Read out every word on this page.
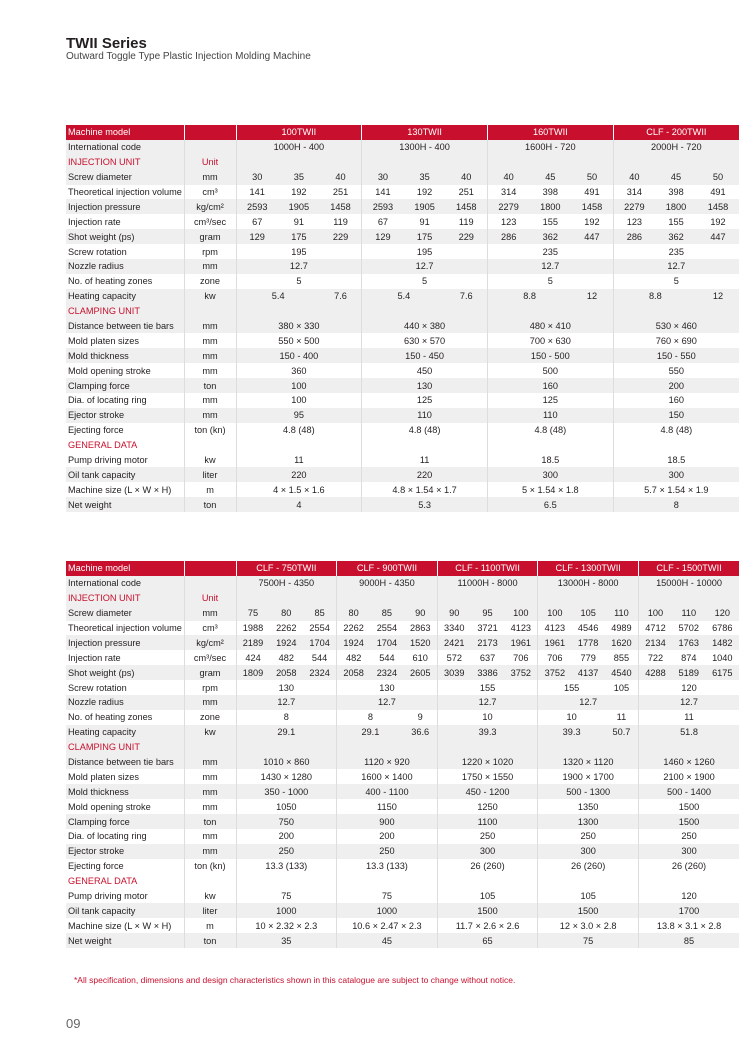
TWII Series
Outward Toggle Type Plastic Injection Molding Machine
Machine model		100TWII			130TWII			160TWII			CLF - 200TWII		
International code		1000H - 400			1300H - 400			1600H - 720			2000H - 720		
INJECTION UNIT	Unit												
Screw diameter	mm	30	35	40	30	35	40	40	45	50	40	45	50
Theoretical injection volume	cm³	141	192	251	141	192	251	314	398	491	314	398	491
Injection pressure	kg/cm²	2593	1905	1458	2593	1905	1458	2279	1800	1458	2279	1800	1458
Injection rate	cm³/sec	67	91	119	67	91	119	123	155	192	123	155	192
Shot weight (ps)	gram	129	175	229	129	175	229	286	362	447	286	362	447
Screw rotation	rpm	195			195			235			235		
Nozzle radius	mm	12.7			12.7			12.7			12.7		
No. of heating zones	zone	5			5			5			5		
Heating capacity	kw	5.4		7.6	5.4		7.6	8.8		12	8.8		12
CLAMPING UNIT													
Distance between tie bars	mm	380 × 330			440 × 380			480 × 410			530 × 460		
Mold platen sizes	mm	550 × 500			630 × 570			700 × 630			760 × 690		
Mold thickness	mm	150 - 400			150 - 450			150 - 500			150 - 550		
Mold opening stroke	mm	360			450			500			550		
Clamping force	ton	100			130			160			200		
Dia. of locating ring	mm	100			125			125			160		
Ejector stroke	mm	95			110			110			150		
Ejecting force	ton (kn)	4.8 (48)			4.8 (48)			4.8 (48)			4.8 (48)		
GENERAL DATA													
Pump driving motor	kw	11			11			18.5			18.5		
Oil tank capacity	liter	220			220			300			300		
Machine size (L × W × H)	m	4 × 1.5 × 1.6			4.8 × 1.54 × 1.7			5 × 1.54 × 1.8			5.7 × 1.54 × 1.9		
Net weight	ton	4			5.3			6.5			8		
Machine model		CLF - 750TWII			CLF - 900TWII			CLF - 1100TWII			CLF - 1300TWII			CLF - 1500TWII		
International code		7500H - 4350			9000H - 4350			11000H - 8000			13000H - 8000			15000H - 10000		
INJECTION UNIT	Unit															
Screw diameter	mm	75	80	85	80	85	90	90	95	100	100	105	110	100	110	120
Theoretical injection volume	cm³	1988	2262	2554	2262	2554	2863	3340	3721	4123	4123	4546	4989	4712	5702	6786
Injection pressure	kg/cm²	2189	1924	1704	1924	1704	1520	2421	2173	1961	1961	1778	1620	2134	1763	1482
Injection rate	cm³/sec	424	482	544	482	544	610	572	637	706	706	779	855	722	874	1040
Shot weight (ps)	gram	1809	2058	2324	2058	2324	2605	3039	3386	3752	3752	4137	4540	4288	5189	6175
Screw rotation	rpm	130			130			155			155		105	120		
Nozzle radius	mm	12.7			12.7			12.7			12.7			12.7		
No. of heating zones	zone	8			8		9	10			10		11	11		
Heating capacity	kw	29.1			29.1		36.6	39.3			39.3		50.7	51.8		
CLAMPING UNIT																
Distance between tie bars	mm	1010 × 860			1120 × 920			1220 × 1020			1320 × 1120			1460 × 1260		
Mold platen sizes	mm	1430 × 1280			1600 × 1400			1750 × 1550			1900 × 1700			2100 × 1900		
Mold thickness	mm	350 - 1000			400 - 1100			450 - 1200			500 - 1300			500 - 1400		
Mold opening stroke	mm	1050			1150			1250			1350			1500		
Clamping force	ton	750			900			1100			1300			1500		
Dia. of locating ring	mm	200			200			250			250			250		
Ejector stroke	mm	250			250			300			300			300		
Ejecting force	ton (kn)	13.3 (133)			13.3 (133)			26 (260)			26 (260)			26 (260)		
GENERAL DATA																
Pump driving motor	kw	75			75			105			105			120		
Oil tank capacity	liter	1000			1000			1500			1500			1700		
Machine size (L × W × H)	m	10 × 2.32 × 2.3			10.6 × 2.47 × 2.3			11.7 × 2.6 × 2.6			12 × 3.0 × 2.8			13.8 × 3.1 × 2.8		
Net weight	ton	35			45			65			75			85		
*All specification, dimensions and design characteristics shown in this catalogue are subject to change without notice.
09
